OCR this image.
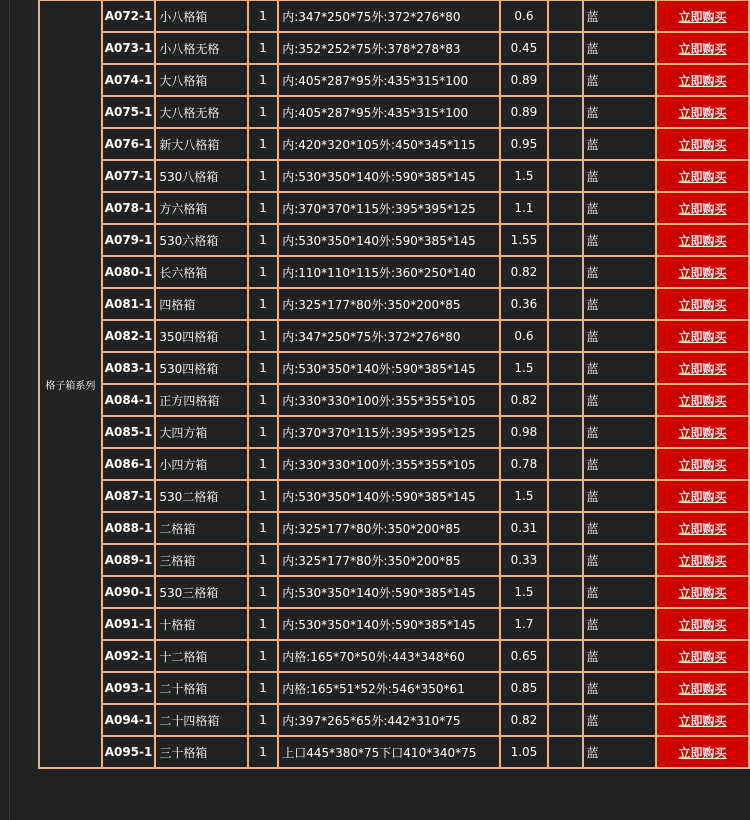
格子箱系列	A072-1	小八格箱	1	内:347*250*75外:372*276*80	0.6		蓝	立即购买
	A073-1	小八格无格	1	内:352*252*75外:378*278*83	0.45		蓝	立即购买
	A074-1	大八格箱	1	内:405*287*95外:435*315*100	0.89		蓝	立即购买
	A075-1	大八格无格	1	内:405*287*95外:435*315*100	0.89		蓝	立即购买
	A076-1	新大八格箱	1	内:420*320*105外:450*345*115	0.95		蓝	立即购买
	A077-1	530八格箱	1	内:530*350*140外:590*385*145	1.5		蓝	立即购买
	A078-1	方六格箱	1	内:370*370*115外:395*395*125	1.1		蓝	立即购买
	A079-1	530六格箱	1	内:530*350*140外:590*385*145	1.55		蓝	立即购买
	A080-1	长六格箱	1	内:110*110*115外:360*250*140	0.82		蓝	立即购买
	A081-1	四格箱	1	内:325*177*80外:350*200*85	0.36		蓝	立即购买
	A082-1	350四格箱	1	内:347*250*75外:372*276*80	0.6		蓝	立即购买
	A083-1	530四格箱	1	内:530*350*140外:590*385*145	1.5		蓝	立即购买
	A084-1	正方四格箱	1	内:330*330*100外:355*355*105	0.82		蓝	立即购买
	A085-1	大四方箱	1	内:370*370*115外:395*395*125	0.98		蓝	立即购买
	A086-1	小四方箱	1	内:330*330*100外:355*355*105	0.78		蓝	立即购买
	A087-1	530二格箱	1	内:530*350*140外:590*385*145	1.5		蓝	立即购买
	A088-1	二格箱	1	内:325*177*80外:350*200*85	0.31		蓝	立即购买
	A089-1	三格箱	1	内:325*177*80外:350*200*85	0.33		蓝	立即购买
	A090-1	530三格箱	1	内:530*350*140外:590*385*145	1.5		蓝	立即购买
	A091-1	十格箱	1	内:530*350*140外:590*385*145	1.7		蓝	立即购买
	A092-1	十二格箱	1	内格:165*70*50外:443*348*60	0.65		蓝	立即购买
	A093-1	二十格箱	1	内格:165*51*52外:546*350*61	0.85		蓝	立即购买
	A094-1	二十四格箱	1	内:397*265*65外:442*310*75	0.82		蓝	立即购买
	A095-1	三十格箱	1	上口445*380*75下口410*340*75	1.05		蓝	立即购买
